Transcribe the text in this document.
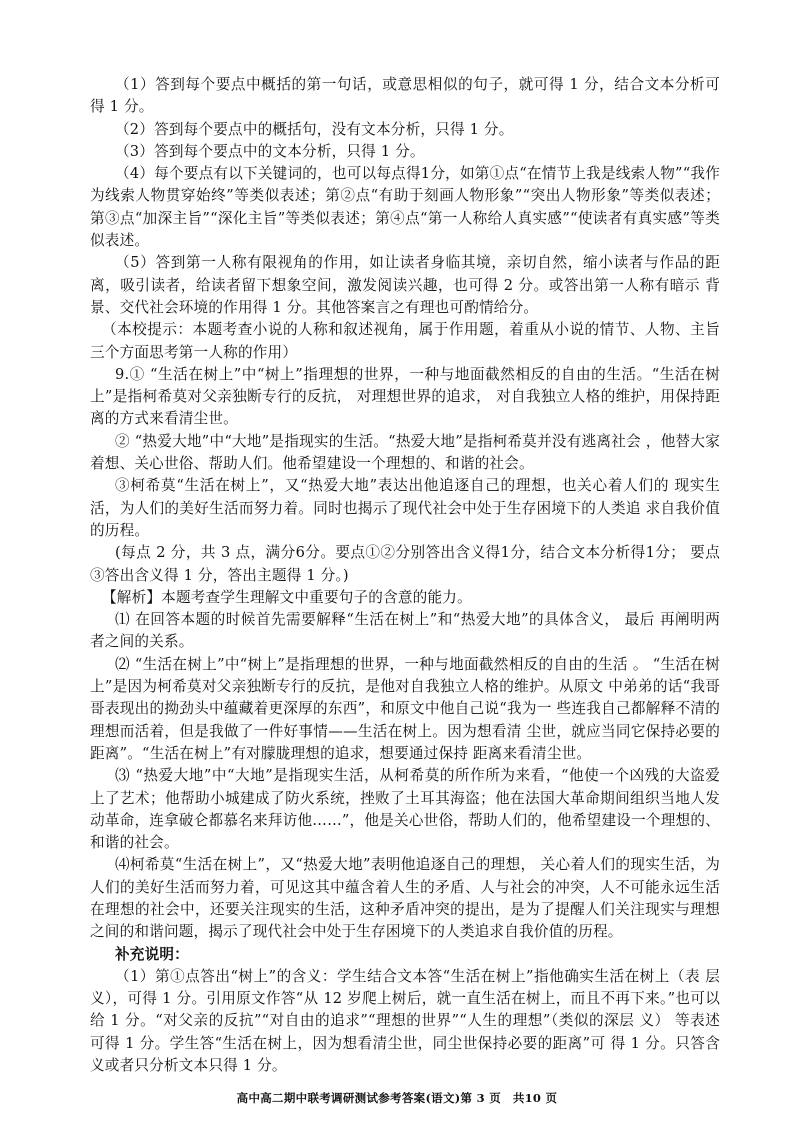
（1）答到每个要点中概括的第一句话，或意思相似的句子，就可得 1 分，结合文本分析可得 1 分。

（2）答到每个要点中的概括句，没有文本分析，只得 1 分。

（3）答到每个要点中的文本分析，只得 1 分。

（4）每个要点有以下关键词的，也可以每点得1分，如第①点“在情节上我是线索人物”“我作为线索人物贯穿始终”等类似表述；第②点“有助于刻画人物形象”“突出人物形象”等类似表述；第③点“加深主旨”“深化主旨”等类似表述；第④点“第一人称给人真实感”“使读者有真实感”等类似表述。

（5）答到第一人称有限视角的作用，如让读者身临其境，亲切自然，缩小读者与作品的距离，吸引读者，给读者留下想象空间，激发阅读兴趣，也可得 2 分。或答出第一人称有暗示 背景、交代社会环境的作用得 1 分。其他答案言之有理也可酌情给分。

（本校提示：本题考查小说的人称和叙述视角，属于作用题，着重从小说的情节、人物、主旨三个方面思考第一人称的作用）

9.① “生活在树上”中“树上”指理想的世界，一种与地面截然相反的自由的生活。“生活在树上”是指柯希莫对父亲独断专行的反抗， 对理想世界的追求， 对自我独立人格的维护，用保持距离的方式来看清尘世。

② “热爱大地”中“大地”是指现实的生活。“热爱大地”是指柯希莫并没有逃离社会 ，他替大家着想、关心世俗、帮助人们。他希望建设一个理想的、和谐的社会。

③柯希莫“生活在树上”，又“热爱大地”表达出他追逐自己的理想，也关心着人们的 现实生活，为人们的美好生活而努力着。同时也揭示了现代社会中处于生存困境下的人类追 求自我价值的历程。

(每点 2 分，共 3 点，满分6分。要点①②分别答出含义得1分，结合文本分析得1分； 要点③答出含义得 1 分，答出主题得 1 分。)

【解析】本题考查学生理解文中重要句子的含意的能力。

⑴ 在回答本题的时候首先需要解释“生活在树上”和“热爱大地”的具体含义， 最后 再阐明两者之间的关系。

⑵ “生活在树上”中“树上”是指理想的世界，一种与地面截然相反的自由的生活 。 “生活在树上”是因为柯希莫对父亲独断专行的反抗，是他对自我独立人格的维护。从原文 中弟弟的话“我哥哥表现出的拗劲头中蕴藏着更深厚的东西”，和原文中他自己说“我为一 些连我自己都解释不清的理想而活着，但是我做了一件好事情——生活在树上。因为想看清 尘世，就应当同它保持必要的距离”。“生活在树上”有对朦胧理想的追求，想要通过保持 距离来看清尘世。

⑶ “热爱大地”中“大地”是指现实生活，从柯希莫的所作所为来看，“他使一个凶残的大盗爱上了艺术；他帮助小城建成了防火系统，挫败了土耳其海盗；他在法国大革命期间组织当地人发动革命，连拿破仑都慕名来拜访他……”，他是关心世俗，帮助人们的，他希望建设一个理想的、和谐的社会。

⑷柯希莫“生活在树上”，又“热爱大地”表明他追逐自己的理想， 关心着人们的现实生活，为人们的美好生活而努力着，可见这其中蕴含着人生的矛盾、人与社会的冲突，人不可能永远生活在理想的社会中，还要关注现实的生活，这种矛盾冲突的提出，是为了提醒人们关注现实与理想之间的和谐问题，揭示了现代社会中处于生存困境下的人类追求自我价值的历程。

补充说明：

（1）第①点答出“树上”的含义：学生结合文本答“生活在树上”指他确实生活在树上（表 层义），可得 1 分。引用原文作答“从 12 岁爬上树后，就一直生活在树上，而且不再下来。”也可以给 1 分。“对父亲的反抗”“对自由的追求”“理想的世界”“人生的理想”（类似的深层 义） 等表述可得 1 分。学生答“生活在树上，因为想看清尘世，同尘世保持必要的距离”可 得 1 分。只答含义或者只分析文本只得 1 分。

高中高二期中联考调研测试参考答案(语文)第 3 页　共10 页
